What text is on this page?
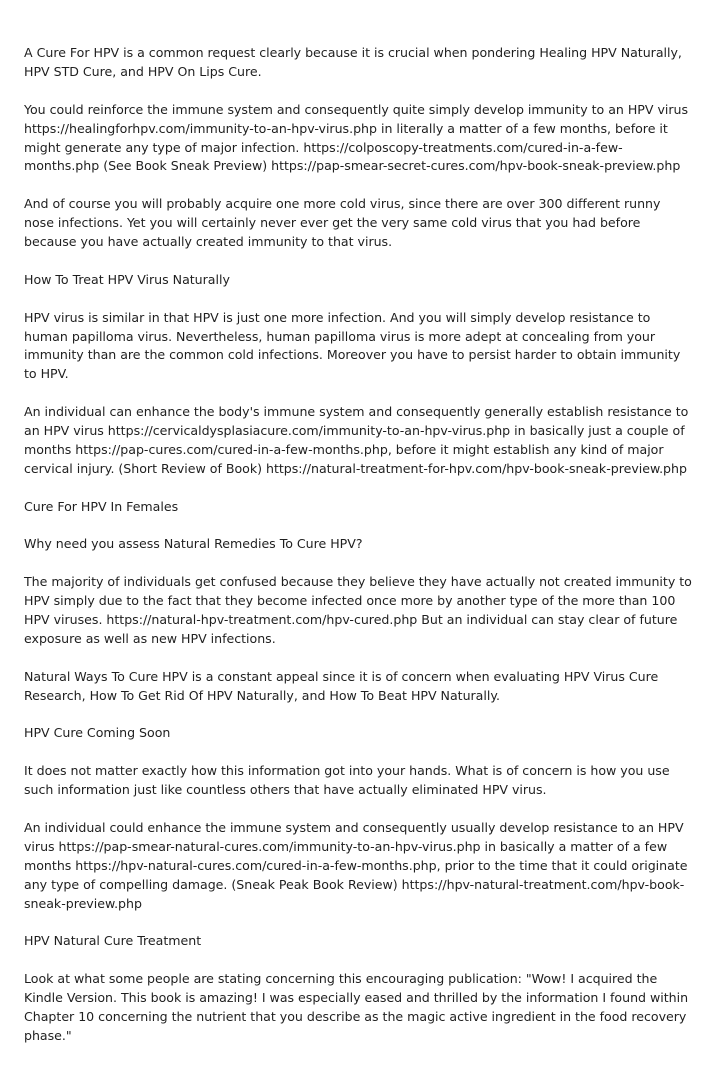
A Cure For HPV is a common request clearly because it is crucial when pondering Healing HPV Naturally, HPV STD Cure, and HPV On Lips Cure.

You could reinforce the immune system and consequently quite simply develop immunity to an HPV virus https://healingforhpv.com/immunity-to-an-hpv-virus.php in literally a matter of a few months, before it might generate any type of major infection. https://colposcopy-treatments.com/cured-in-a-few-months.php (See Book Sneak Preview) https://pap-smear-secret-cures.com/hpv-book-sneak-preview.php

And of course you will probably acquire one more cold virus, since there are over 300 different runny nose infections. Yet you will certainly never ever get the very same cold virus that you had before because you have actually created immunity to that virus.

How To Treat HPV Virus Naturally

HPV virus is similar in that HPV is just one more infection. And you will simply develop resistance to human papilloma virus. Nevertheless, human papilloma virus is more adept at concealing from your immunity than are the common cold infections. Moreover you have to persist harder to obtain immunity to HPV.

An individual can enhance the body's immune system and consequently generally establish resistance to an HPV virus https://cervicaldysplasiacure.com/immunity-to-an-hpv-virus.php in basically just a couple of months https://pap-cures.com/cured-in-a-few-months.php, before it might establish any kind of major cervical injury. (Short Review of Book) https://natural-treatment-for-hpv.com/hpv-book-sneak-preview.php

Cure For HPV In Females

Why need you assess Natural Remedies To Cure HPV?

The majority of individuals get confused because they believe they have actually not created immunity to HPV simply due to the fact that they become infected once more by another type of the more than 100 HPV viruses. https://natural-hpv-treatment.com/hpv-cured.php But an individual can stay clear of future exposure as well as new HPV infections.

Natural Ways To Cure HPV is a constant appeal since it is of concern when evaluating HPV Virus Cure Research, How To Get Rid Of HPV Naturally, and How To Beat HPV Naturally.

HPV Cure Coming Soon

It does not matter exactly how this information got into your hands. What is of concern is how you use such information just like countless others that have actually eliminated HPV virus.

An individual could enhance the immune system and consequently usually develop resistance to an HPV virus https://pap-smear-natural-cures.com/immunity-to-an-hpv-virus.php in basically a matter of a few months https://hpv-natural-cures.com/cured-in-a-few-months.php, prior to the time that it could originate any type of compelling damage. (Sneak Peak Book Review) https://hpv-natural-treatment.com/hpv-book-sneak-preview.php

HPV Natural Cure Treatment

Look at what some people are stating concerning this encouraging publication: "Wow! I acquired the Kindle Version. This book is amazing! I was especially eased and thrilled by the information I found within Chapter 10 concerning the nutrient that you describe as the magic active ingredient in the food recovery phase."
